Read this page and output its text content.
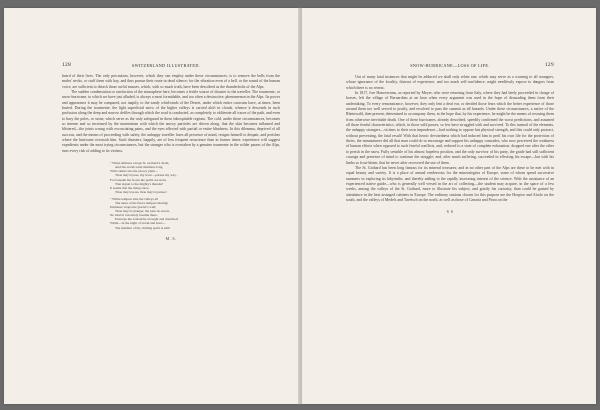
128	SWITZERLAND ILLUSTRATED.

heard of their lives. The only precaution, however, which they can employ under these circumstances, is to remove the bells from the mules' necks, or stuff them with hay, and thus pursue their route in dead silence; for the vibration even of a bell, or the sound of the human voice, are sufficient to detach those awful masses, which, with so much truth, have been described as the thunderbolts of the Alps.

The sudden condensation or rarefaction of the atmosphere here, becomes a fertile source of disaster to the traveller. The tourmente, or snow-hurricane, to which we have just alluded, is always a most formidable, and too often a destructive, phenomenon in the Alps. Its power and appearance it may be compared, not inaptly, to the sandy whirlwinds of the Desert, under which entire caravans have, at times, been buried. During the tourmente, the light superficial snow of the higher valleys is carried aloft in clouds, whence it descends in such profusion along the deep and narrow defiles through which the road is conducted, as completely to obliterate all traces of the path, and even to bury the poles, or stone, which serve as the only safeguard in these inhospitable regions. The cold, under these circumstances, becomes so intense and so increased by the momentum with which the snowy particles are driven along, that the skin becomes inflamed and blistered—the joints wrung with excruciating pains, and the eyes affected with partial or entire blindness. In this dilemma, deprived of all succour, and the means of proceeding with safety, the unhappy traveller loses all presence of mind, resigns himself to despair, and perishes where the hurricane overtook him. Such disasters, happily, are of less frequent recurrence than in former times: experience will suggest expedients under the most trying circumstances, but the stranger who is overtaken by a genuine tourmente in the wilder passes of the Alps, runs every risk of adding to its victims.

" When stillness veraps St. Gothard's chain,
And the storm-wind slumbers long,
With calmer airs the snowy plain—
Thou may'st pass, thy trace—pursue thy way,
For beneath his frown the perils are stern,
That signal to the mighty's thunder!
It seems that the rising snow,
Thou may'st pass, thou may'st pursue!
" While tempest stirs the valleys all
The skies of the fierce tempest sharing;
Darkness wraps the glacier's wall;
Thou may'st stranger, the pass be sworn,
No mortal can safely breathe there,
Enwraps the avalanche wrought and drenched;
While—in the night of storm and fears—
The murmur of my chilling spirit is still!
M. S.
SNOW-HURRICANE—LOSS OF LIFE.	129

Out of many fatal instances that might be adduced we shall only relate one, which may serve as a warning to all strangers, whose ignorance of the locality, distrust of experience, and too much self-confidence, might needlessly expose to dangers from which there is no retreat.

In 1817, five Hanoverians, as reported by Meyer, who were returning from Italy, where they had lately proceeded in charge of horses, left the village of Bernardino at an hour when every argument was used in the hope of dissuading them from their undertaking. To every remonstrance, however, they only lent a deaf ear, or derided those fears which the better experience of those around them too well served to justify, and resolved to pass the summit as all hazards. Under these circumstances, a native of the Rheinwald, then present, determined to accompany them, in the hope that, by his experience, he might be the means of rescuing them from otherwise inevitable death. One of these hurricanes, already described, speedily confirmed the worst predictions, and assumed all those fearful characteristics, which, in those wild passes, so few have struggled with and survived. To this turmoil of the elements, the unhappy strangers—victims to their own imprudence—had nothing to oppose but physical strength, and this could only protract, without preventing, the fatal result! With that heroic devotedness which had induced him to peril his own life for the protection of theirs, the mountaineer did all that man could do to encourage and support his unhappy comrades, who now perceived the weakness of human efforts when opposed to such fearful conflicts, and, reduced to a state of complete exhaustion, dropped one after the other to perish in the snow. Fully sensible of his almost hopeless position, and the only survivor of his party, the guide had still sufficient courage and presence of mind to continue the struggle; and, after much suffering, succeeded in effecting his escape—but with his limbs so frost-bitten, that he never after recovered the use of them.

The St. Gothard has been long famous for its mineral treasures; and in no other part of the Alps are these to be met with in equal beauty and variety. It is a place of annual rendezvous for the mineralogists of Europe, some of whom spend successive summers in exploring its labyrinths, and thereby adding to the rapidly increasing interest of the science. With the assistance of an experienced native guide—who is generally well versed in the art of collecting—the student may acquire, in the space of a few weeks, among the valleys of the St. Gothard, more to illustrate his subject, and gratify his curiosity, than could be gained by attendance in the best arranged cabinets in Europe. The ordinary stations chosen for this purpose are the Hospice and Airolo on the south, and the valleys of Medels and Tavetsch on the north, as well as those of Canaria and Piora on the

S S
